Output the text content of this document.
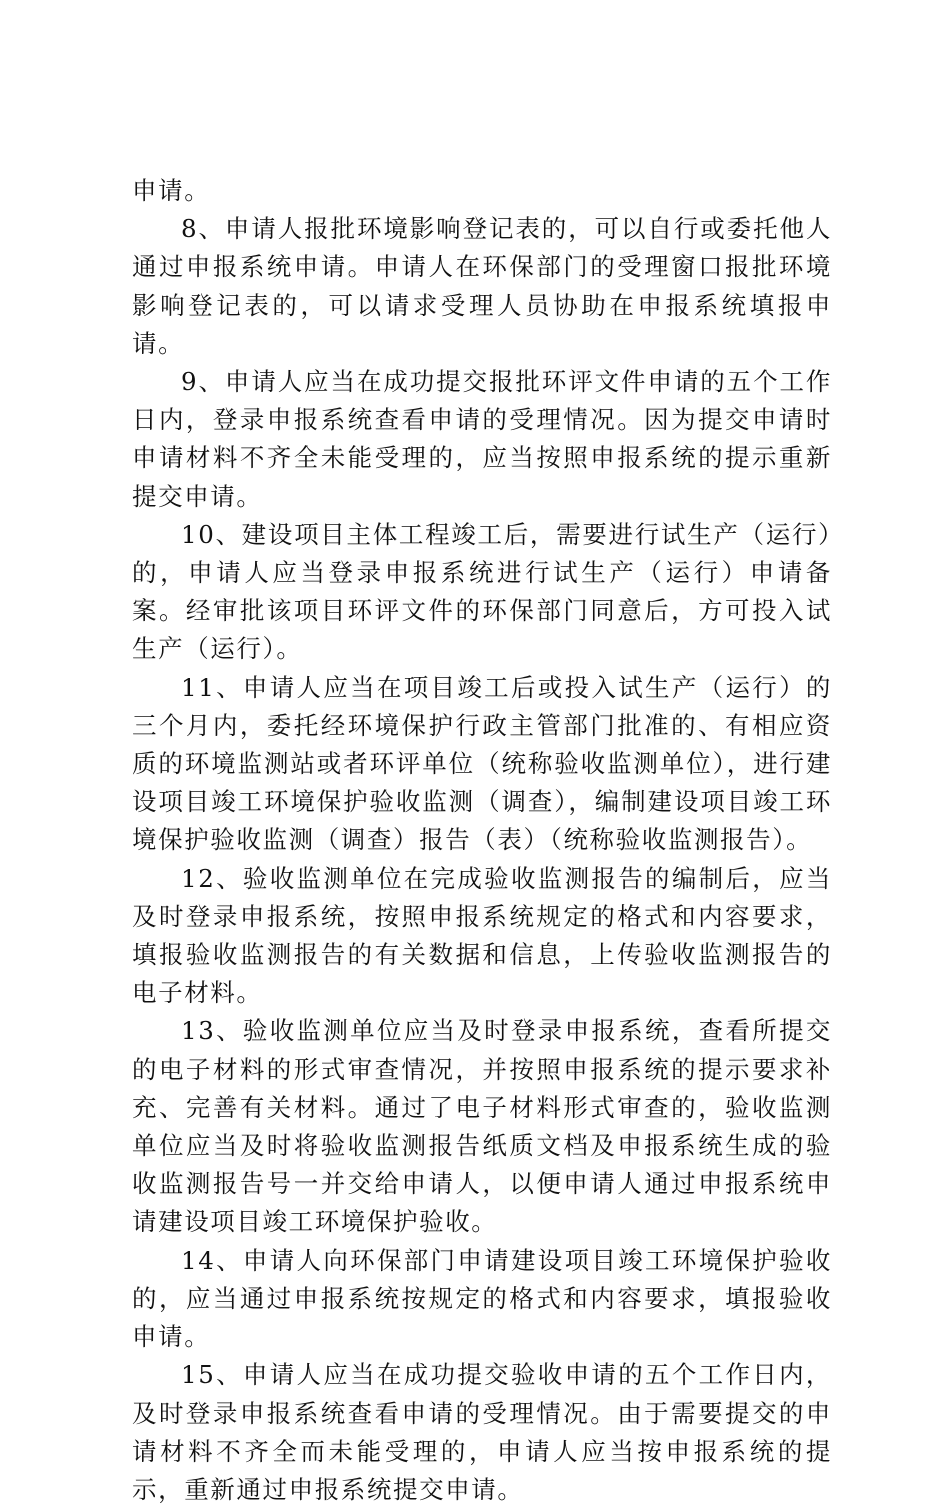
申请。

8、申请人报批环境影响登记表的，可以自行或委托他人通过申报系统申请。申请人在环保部门的受理窗口报批环境影响登记表的，可以请求受理人员协助在申报系统填报申请。

9、申请人应当在成功提交报批环评文件申请的五个工作日内，登录申报系统查看申请的受理情况。因为提交申请时申请材料不齐全未能受理的，应当按照申报系统的提示重新提交申请。

10、建设项目主体工程竣工后，需要进行试生产（运行）的，申请人应当登录申报系统进行试生产（运行）申请备案。经审批该项目环评文件的环保部门同意后，方可投入试生产（运行）。

11、申请人应当在项目竣工后或投入试生产（运行）的三个月内，委托经环境保护行政主管部门批准的、有相应资质的环境监测站或者环评单位（统称验收监测单位），进行建设项目竣工环境保护验收监测（调查），编制建设项目竣工环境保护验收监测（调查）报告（表）（统称验收监测报告）。

12、验收监测单位在完成验收监测报告的编制后，应当及时登录申报系统，按照申报系统规定的格式和内容要求，填报验收监测报告的有关数据和信息，上传验收监测报告的电子材料。

13、验收监测单位应当及时登录申报系统，查看所提交的电子材料的形式审查情况，并按照申报系统的提示要求补充、完善有关材料。通过了电子材料形式审查的，验收监测单位应当及时将验收监测报告纸质文档及申报系统生成的验收监测报告号一并交给申请人，以便申请人通过申报系统申请建设项目竣工环境保护验收。

14、申请人向环保部门申请建设项目竣工环境保护验收的，应当通过申报系统按规定的格式和内容要求，填报验收申请。

15、申请人应当在成功提交验收申请的五个工作日内，及时登录申报系统查看申请的受理情况。由于需要提交的申请材料不齐全而未能受理的，申请人应当按申报系统的提示，重新通过申报系统提交申请。
